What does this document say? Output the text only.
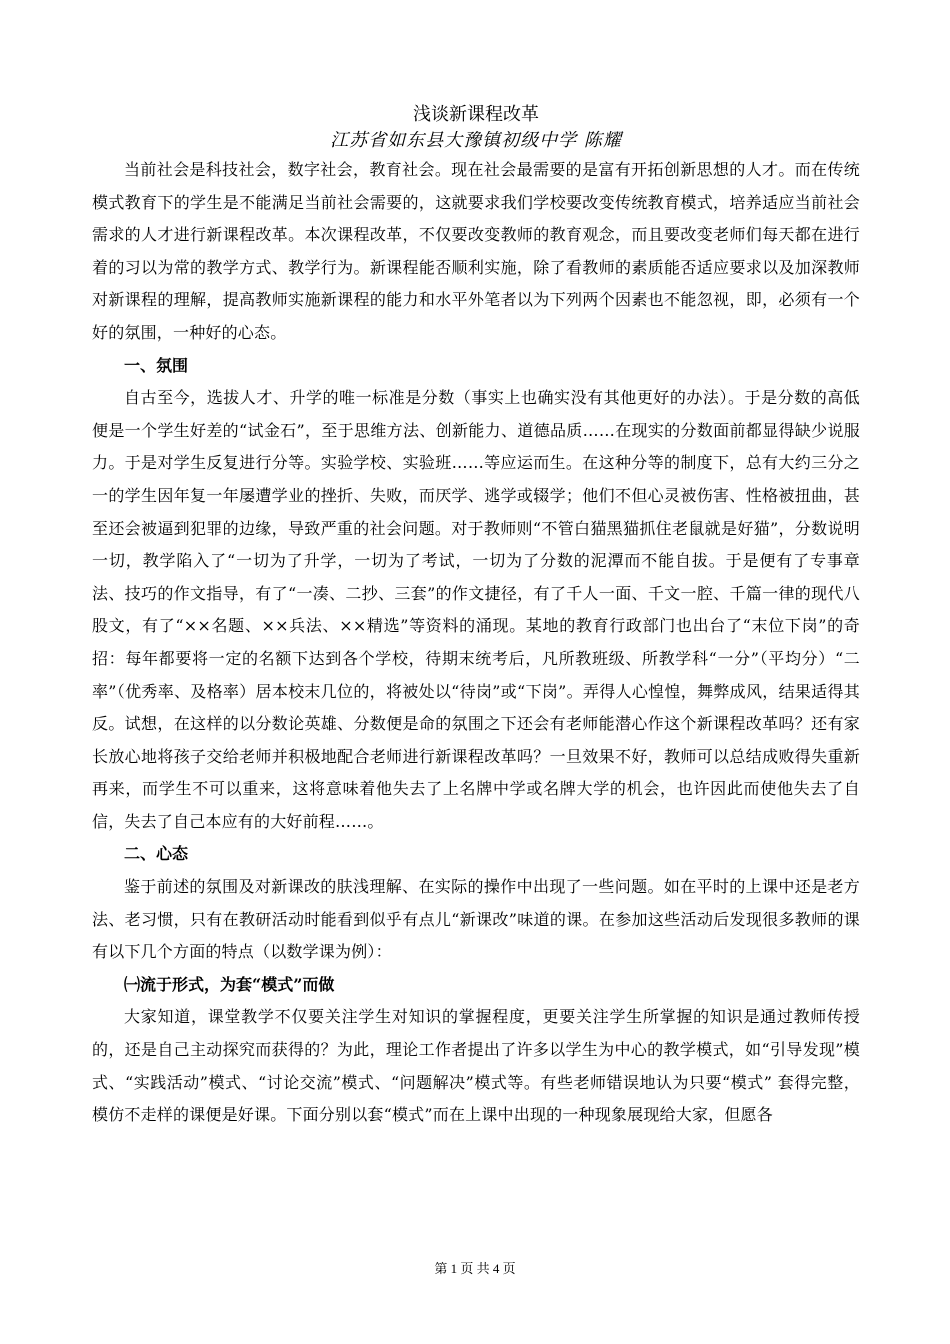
浅谈新课程改革

江苏省如东县大豫镇初级中学 陈耀

当前社会是科技社会，数字社会，教育社会。现在社会最需要的是富有开拓创新思想的人才。而在传统模式教育下的学生是不能满足当前社会需要的，这就要求我们学校要改变传统教育模式，培养适应当前社会需求的人才进行新课程改革。本次课程改革，不仅要改变教师的教育观念，而且要改变老师们每天都在进行着的习以为常的教学方式、教学行为。新课程能否顺利实施，除了看教师的素质能否适应要求以及加深教师对新课程的理解，提高教师实施新课程的能力和水平外笔者以为下列两个因素也不能忽视，即，必须有一个好的氛围，一种好的心态。

一、氛围

自古至今，选拔人才、升学的唯一标准是分数（事实上也确实没有其他更好的办法）。于是分数的高低便是一个学生好差的“试金石”，至于思维方法、创新能力、道德品质……在现实的分数面前都显得缺少说服力。于是对学生反复进行分等。实验学校、实验班……等应运而生。在这种分等的制度下，总有大约三分之一的学生因年复一年屡遭学业的挫折、失败，而厌学、逃学或辍学；他们不但心灵被伤害、性格被扭曲，甚至还会被逼到犯罪的边缘，导致严重的社会问题。对于教师则“不管白猫黑猫抓住老鼠就是好猫”，分数说明一切，教学陷入了“一切为了升学，一切为了考试，一切为了分数的泥潭而不能自拔。于是便有了专事章法、技巧的作文指导，有了“一凑、二抄、三套”的作文捷径，有了千人一面、千文一腔、千篇一律的现代八股文，有了“××名题、××兵法、××精选”等资料的涌现。某地的教育行政部门也出台了“末位下岗”的奇招：每年都要将一定的名额下达到各个学校，待期末统考后，凡所教班级、所教学科“一分”（平均分）“二率”（优秀率、及格率）居本校末几位的，将被处以“待岗”或“下岗”。弄得人心惶惶，舞弊成风，结果适得其反。试想，在这样的以分数论英雄、分数便是命的氛围之下还会有老师能潜心作这个新课程改革吗？还有家长放心地将孩子交给老师并积极地配合老师进行新课程改革吗？一旦效果不好，教师可以总结成败得失重新再来，而学生不可以重来，这将意味着他失去了上名牌中学或名牌大学的机会，也许因此而使他失去了自信，失去了自己本应有的大好前程……。

二、心态

鉴于前述的氛围及对新课改的肤浅理解、在实际的操作中出现了一些问题。如在平时的上课中还是老方法、老习惯，只有在教研活动时能看到似乎有点儿“新课改”味道的课。在参加这些活动后发现很多教师的课有以下几个方面的特点（以数学课为例）：

㈠流于形式，为套“模式”而做

大家知道，课堂教学不仅要关注学生对知识的掌握程度，更要关注学生所掌握的知识是通过教师传授的，还是自己主动探究而获得的？为此，理论工作者提出了许多以学生为中心的教学模式，如“引导发现”模式、“实践活动”模式、“讨论交流”模式、“问题解决”模式等。有些老师错误地认为只要“模式” 套得完整，模仿不走样的课便是好课。下面分别以套“模式”而在上课中出现的一种现象展现给大家，但愿各

第 1 页 共 4 页
